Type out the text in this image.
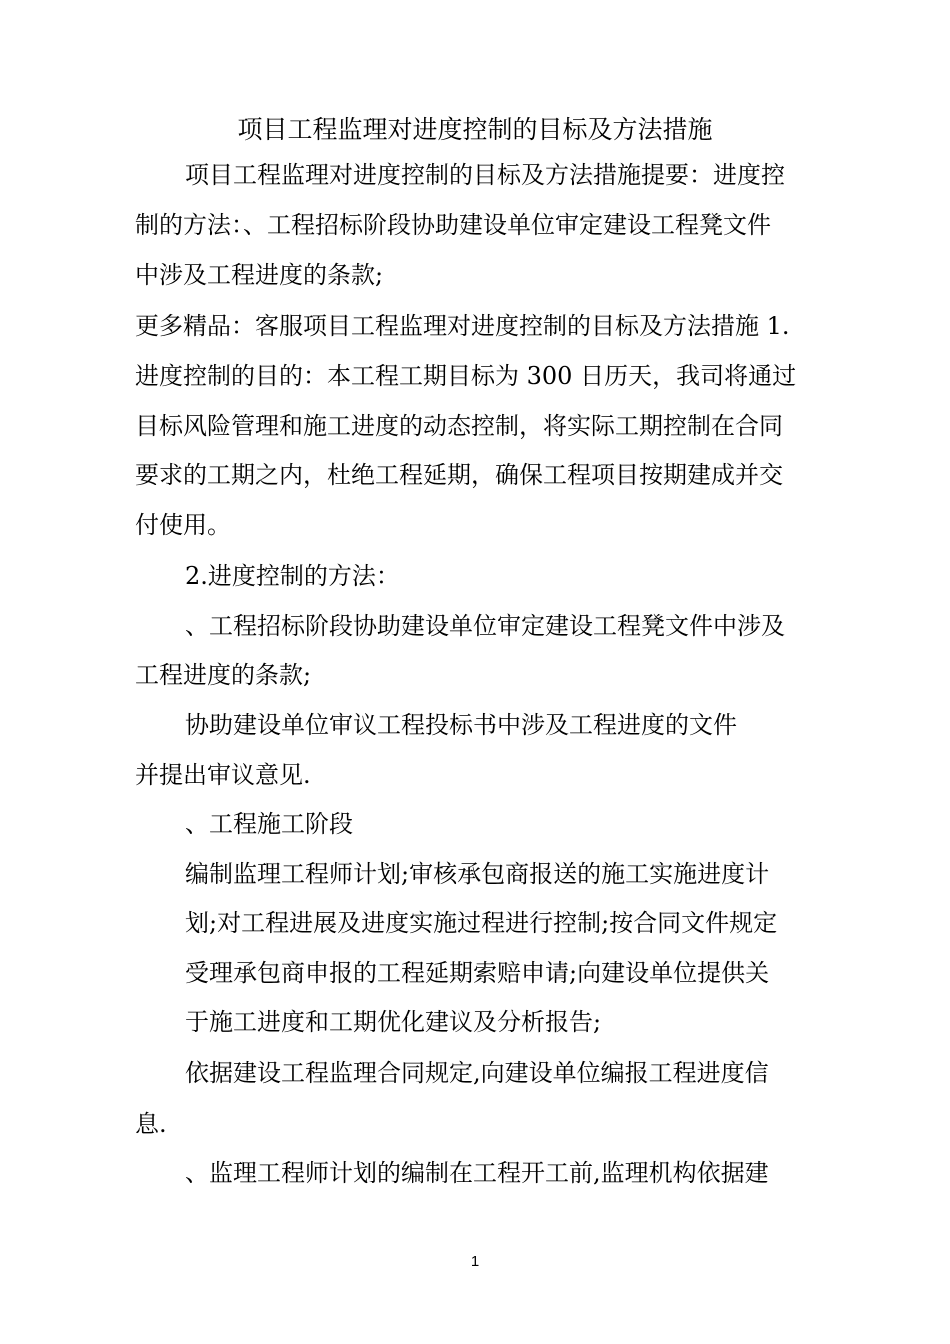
项目工程监理对进度控制的目标及方法措施
项目工程监理对进度控制的目标及方法措施提要：进度控
制的方法：、工程招标阶段协助建设单位审定建设工程凳文件
中涉及工程进度的条款;
更多精品：客服项目工程监理对进度控制的目标及方法措施 1.
进度控制的目的：本工程工期目标为 300 日历天，我司将通过
目标风险管理和施工进度的动态控制，将实际工期控制在合同
要求的工期之内，杜绝工程延期，确保工程项目按期建成并交
付使用。
2.进度控制的方法：
、工程招标阶段协助建设单位审定建设工程凳文件中涉及
工程进度的条款;
协助建设单位审议工程投标书中涉及工程进度的文件
并提出审议意见.
、工程施工阶段
编制监理工程师计划;审核承包商报送的施工实施进度计
划;对工程进展及进度实施过程进行控制;按合同文件规定
受理承包商申报的工程延期索赔申请;向建设单位提供关
于施工进度和工期优化建议及分析报告;
依据建设工程监理合同规定,向建设单位编报工程进度信
息.
、监理工程师计划的编制在工程开工前,监理机构依据建
1
